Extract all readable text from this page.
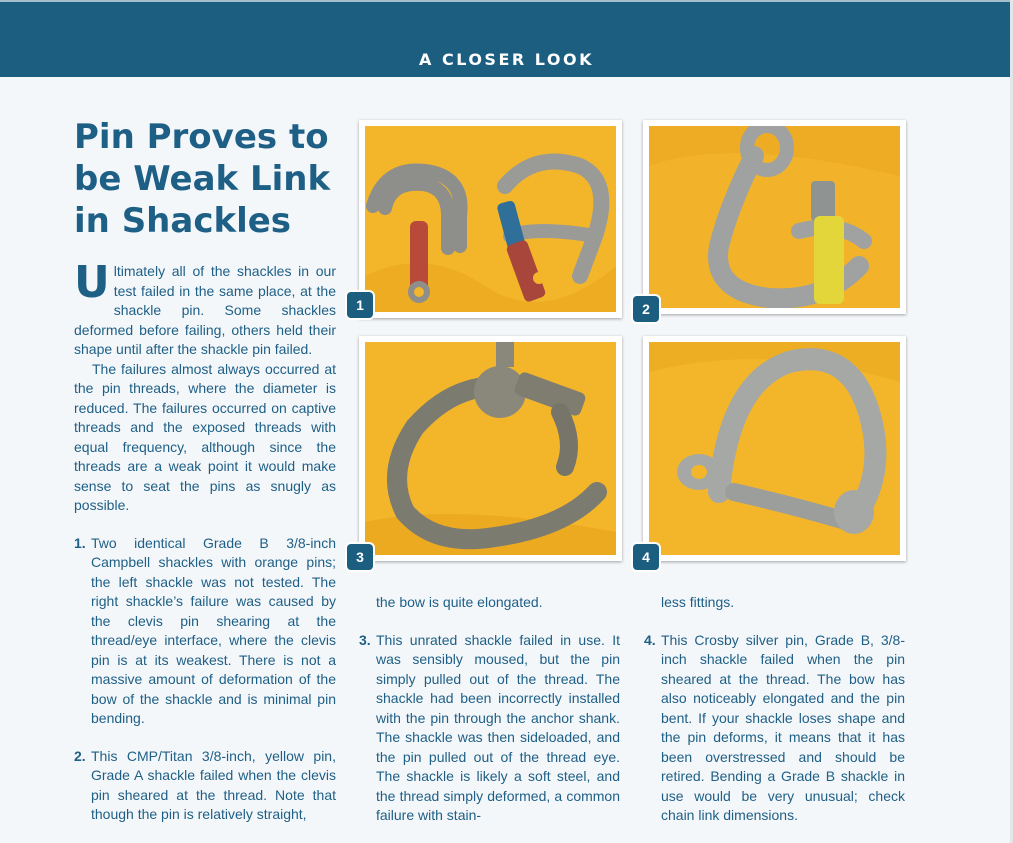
A CLOSER LOOK
Pin Proves to be Weak Link in Shackles

Ultimately all of the shackles in our test failed in the same place, at the shackle pin. Some shackles deformed before failing, others held their shape until after the shackle pin failed.

The failures almost always occurred at the pin threads, where the diameter is reduced. The failures occurred on captive threads and the exposed threads with equal frequency, although since the threads are a weak point it would make sense to seat the pins as snugly as possible.

1. Two identical Grade B 3/8-inch Campbell shackles with orange pins; the left shackle was not tested. The right shackle’s failure was caused by the clevis pin shearing at the thread/eye interface, where the clevis pin is at its weakest. There is not a massive amount of deformation of the bow of the shackle and is minimal pin bending.

2. This CMP/Titan 3/8-inch, yellow pin, Grade A shackle failed when the clevis pin sheared at the thread. Note that though the pin is relatively straight,

the bow is quite elongated.

3. This unrated shackle failed in use. It was sensibly moused, but the pin simply pulled out of the thread. The shackle had been incorrectly installed with the pin through the anchor shank. The shackle was then sideloaded, and the pin pulled out of the thread eye. The shackle is likely a soft steel, and the thread simply deformed, a common failure with stain-

less fittings.

4. This Crosby silver pin, Grade B, 3/8-inch shackle failed when the pin sheared at the thread. The bow has also noticeably elongated and the pin bent. If your shackle loses shape and the pin deforms, it means that it has been overstressed and should be retired. Bending a Grade B shackle in use would be very unusual; check chain link dimensions.

1	2
3	4
